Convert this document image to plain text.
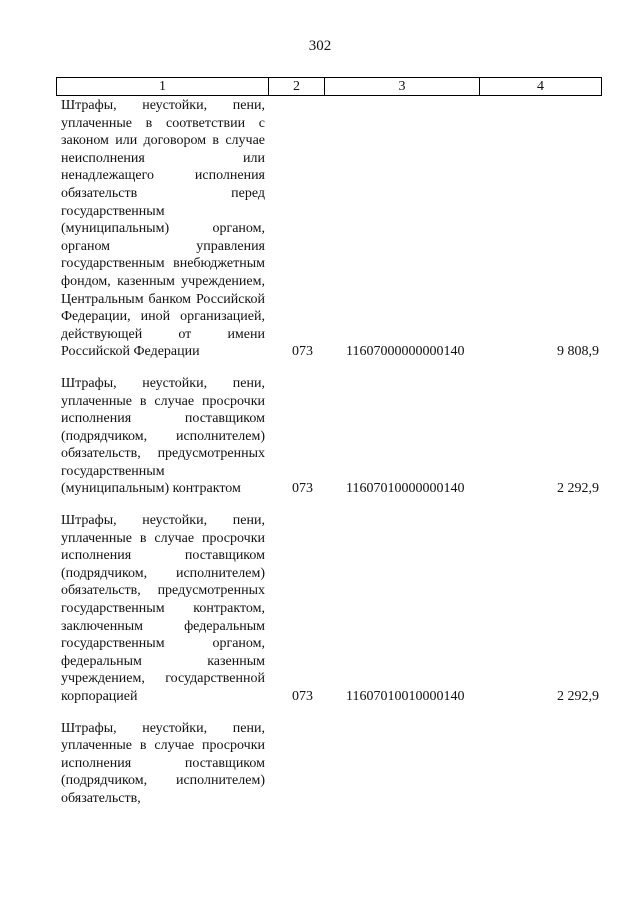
302
1	2	3	4
Штрафы, неустойки, пени, уплаченные в соответствии с законом или договором в случае неисполнения или ненадлежащего исполнения обязательств перед государственным (муниципальным) органом, органом управления государственным внебюджетным фондом, казенным учреждением, Центральным банком Российской Федерации, иной организацией, действующей от имени Российской Федерации	073 11607000000000140	9 808,9
Штрафы, неустойки, пени, уплаченные в случае просрочки исполнения поставщиком (подрядчиком, исполнителем) обязательств, предусмотренных государственным (муниципальным) контрактом	073 11607010000000140	2 292,9
Штрафы, неустойки, пени, уплаченные в случае просрочки исполнения поставщиком (подрядчиком, исполнителем) обязательств, предусмотренных государственным контрактом, заключенным федеральным государственным органом, федеральным казенным учреждением, государственной корпорацией	073 11607010010000140	2 292,9
Штрафы, неустойки, пени, уплаченные в случае просрочки исполнения поставщиком (подрядчиком, исполнителем) обязательств,
